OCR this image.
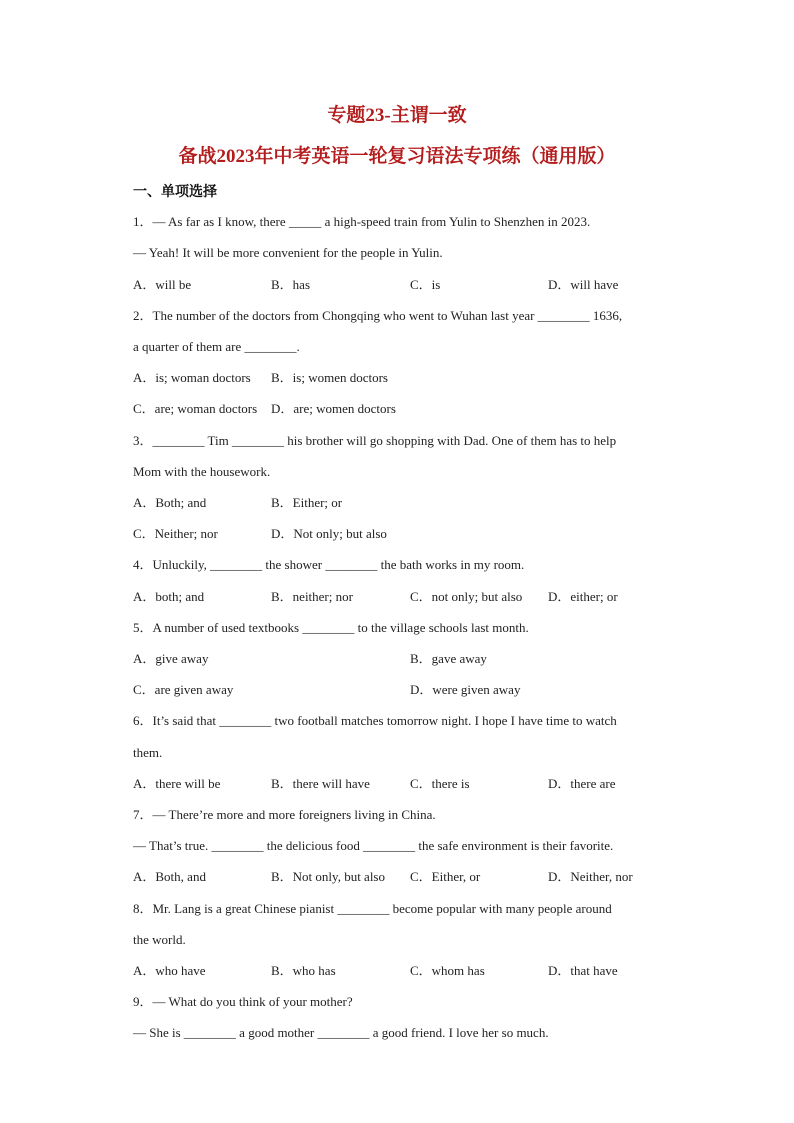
专题23-主谓一致
备战2023年中考英语一轮复习语法专项练（通用版）
一、单项选择
1．— As far as I know, there _____ a high-speed train from Yulin to Shenzhen in 2023.
— Yeah! It will be more convenient for the people in Yulin.
A．will be	B．has	C．is	D．will have
2．The number of the doctors from Chongqing who went to Wuhan last year ________ 1636,
a quarter of them are ________.
A．is; woman doctors B．is; women doctors
C．are; woman doctors D．are; women doctors
3．________ Tim ________ his brother will go shopping with Dad. One of them has to help
Mom with the housework.
A．Both; and	B．Either; or
C．Neither; nor	D．Not only; but also
4．Unluckily, ________ the shower ________ the bath works in my room.
A．both; and	B．neither; nor	C．not only; but also D．either; or
5．A number of used textbooks ________ to the village schools last month.
A．give away	B．gave away
C．are given away	D．were given away
6．It’s said that ________ two football matches tomorrow night. I hope I have time to watch
them.
A．there will be	B．there will have	C．there is	D．there are
7．— There’re more and more foreigners living in China.
— That’s true. ________ the delicious food ________ the safe environment is their favorite.
A．Both, and	B．Not only, but also C．Either, or	D．Neither, nor
8．Mr. Lang is a great Chinese pianist ________ become popular with many people around
the world.
A．who have	B．who has	C．whom has	D．that have
9．— What do you think of your mother?
— She is ________ a good mother ________ a good friend. I love her so much.
